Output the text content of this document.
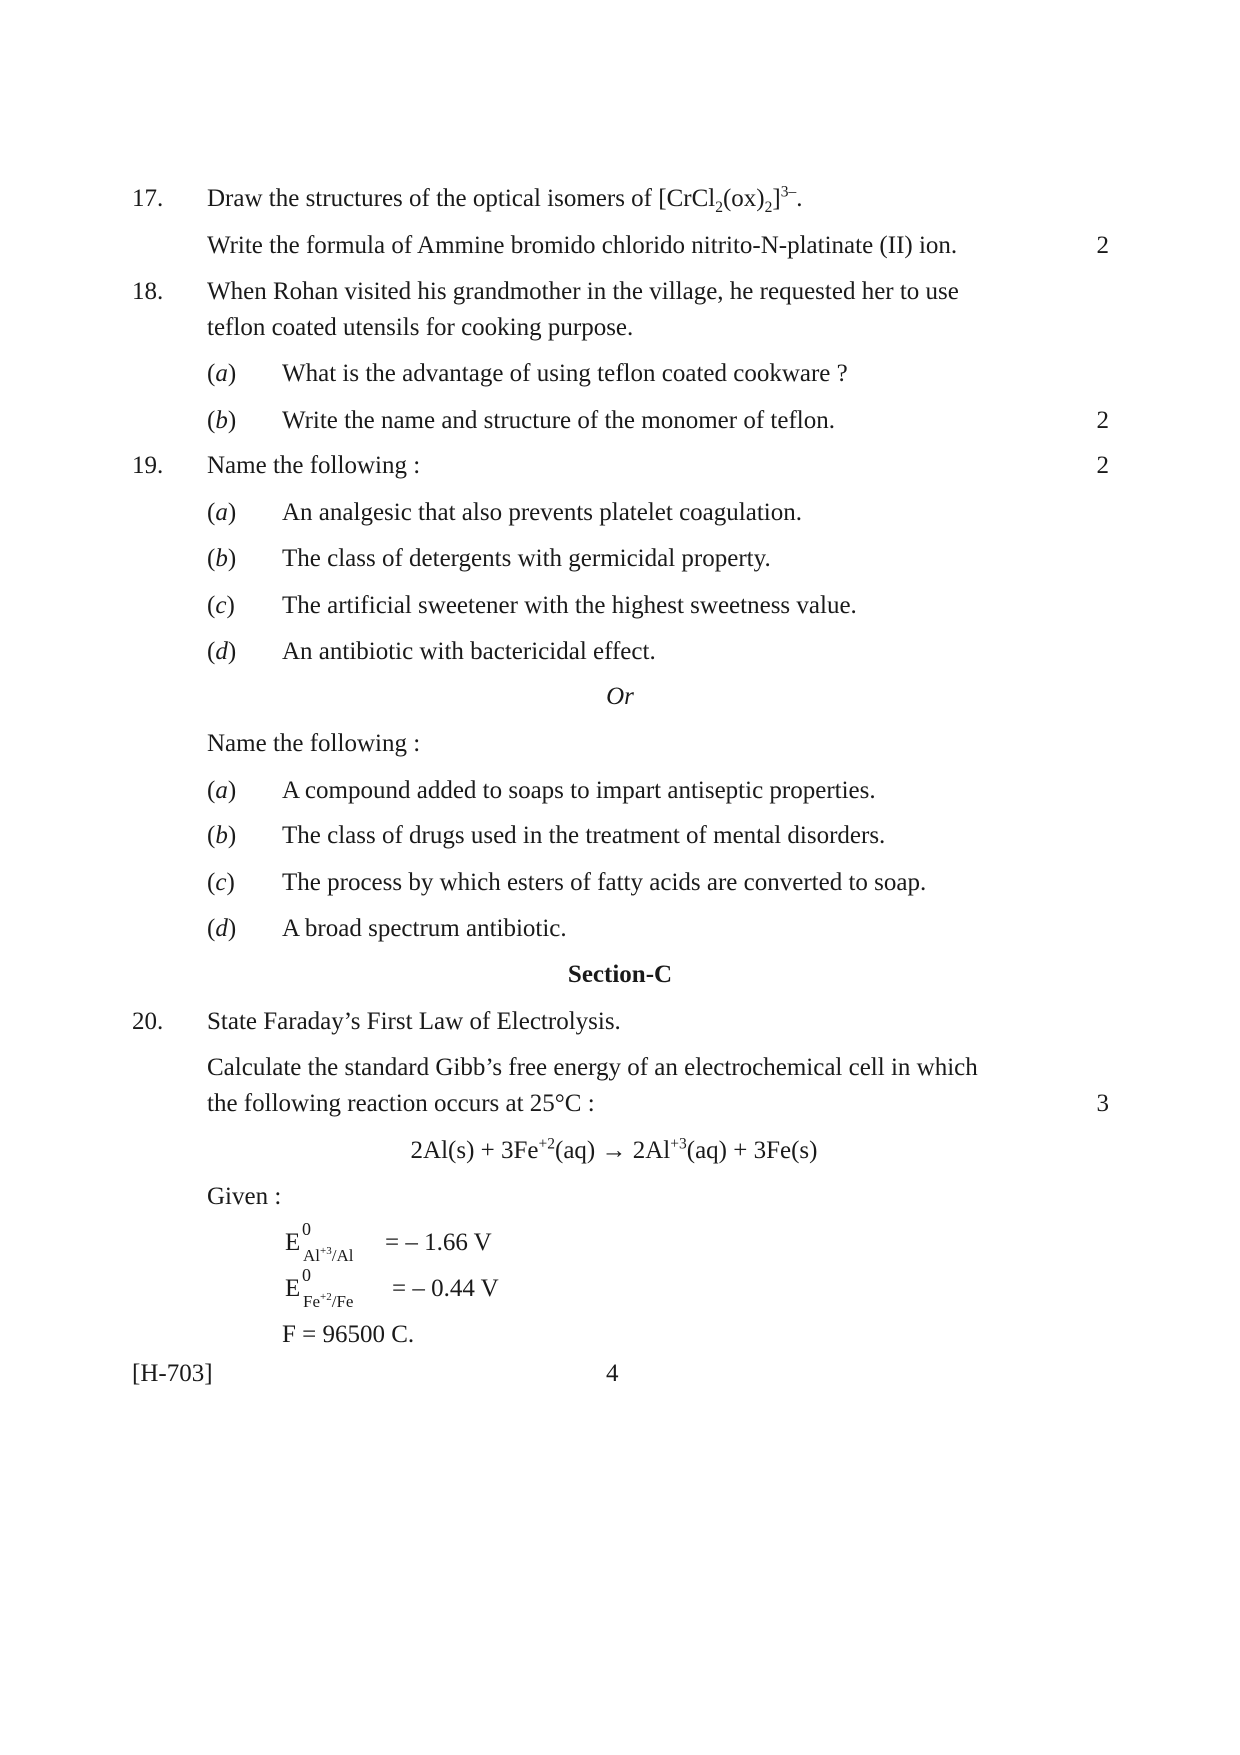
17. Draw the structures of the optical isomers of $[CrCl_2(ox)_2]^{3-}$.
Write the formula of Ammine bromido chlorido nitrito-N-platinate (II) ion.	2
18. When Rohan visited his grandmother in the village, he requested her to use
teflon coated utensils for cooking purpose.
(a) What is the advantage of using teflon coated cookware ?
(b) Write the name and structure of the monomer of teflon.	2
19. Name the following :	2
(a) An analgesic that also prevents platelet coagulation.
(b) The class of detergents with germicidal property.
(c) The artificial sweetener with the highest sweetness value.
(d) An antibiotic with bactericidal effect.
Or
Name the following :
(a) A compound added to soaps to impart antiseptic properties.
(b) The class of drugs used in the treatment of mental disorders.
(c) The process by which esters of fatty acids are converted to soap.
(d) A broad spectrum antibiotic.
Section-C
20. State Faraday’s First Law of Electrolysis.
Calculate the standard Gibb’s free energy of an electrochemical cell in which
the following reaction occurs at 25°C :	3
$2Al(s) + 3Fe^{+2}(aq) \to 2Al^{+3}(aq) + 3Fe(s)$
Given :
E 0
$Al^{+3}/Al$ = – 1.66 V
E 0
$Fe^{+2}/Fe$ = – 0.44 V
F = 96500 C.
[H-703]	4
